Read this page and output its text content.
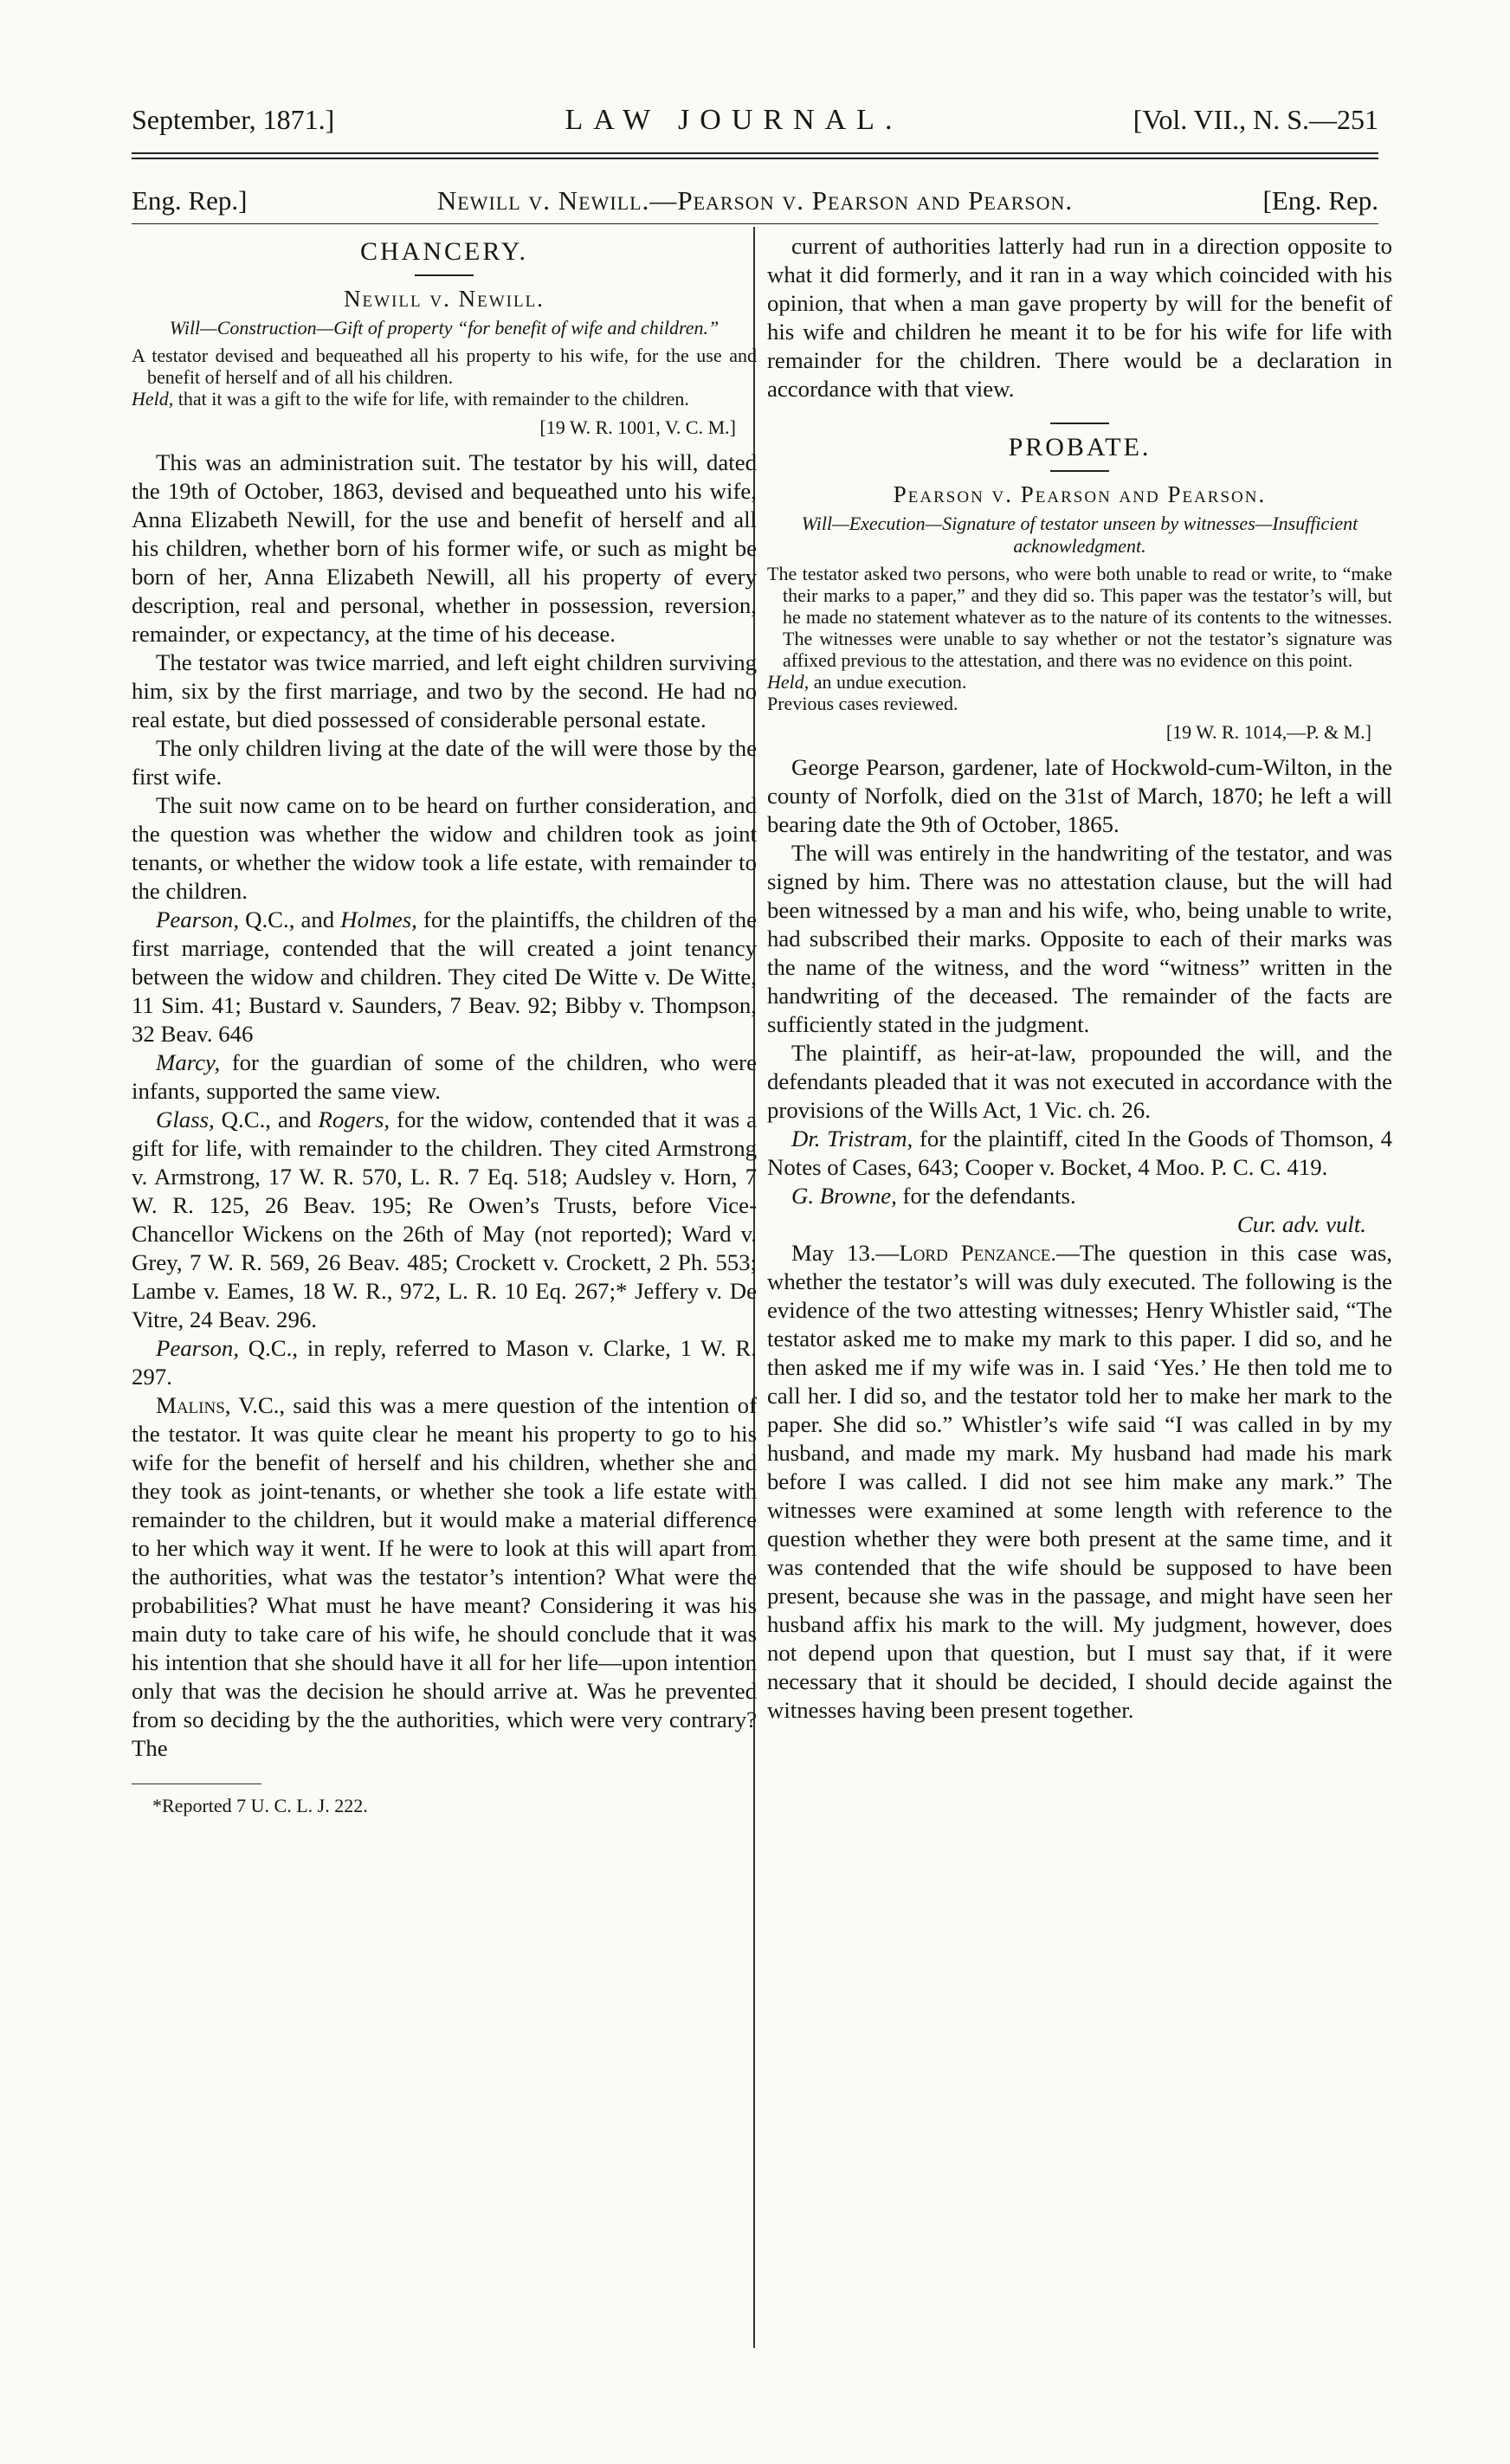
September, 1871.]	LAW JOURNAL.	[Vol. VII., N. S.—251
Eng. Rep.]	Newill v. Newill.—Pearson v. Pearson and Pearson.	[Eng. Rep.
CHANCERY.
Newill v. Newill.
Will—Construction—Gift of property “for benefit of wife and children.”

A testator devised and bequeathed all his property to his wife, for the use and benefit of herself and of all his children.

Held, that it was a gift to the wife for life, with remainder to the children.

[19 W. R. 1001, V. C. M.]

This was an administration suit. The testator by his will, dated the 19th of October, 1863, devised and bequeathed unto his wife, Anna Elizabeth Newill, for the use and benefit of herself and all his children, whether born of his former wife, or such as might be born of her, Anna Elizabeth Newill, all his property of every description, real and personal, whether in possession, reversion, remainder, or expectancy, at the time of his decease.

The testator was twice married, and left eight children surviving him, six by the first marriage, and two by the second. He had no real estate, but died possessed of considerable personal estate.

The only children living at the date of the will were those by the first wife.

The suit now came on to be heard on further consideration, and the question was whether the widow and children took as joint tenants, or whether the widow took a life estate, with remainder to the children.

Pearson, Q.C., and Holmes, for the plaintiffs, the children of the first marriage, contended that the will created a joint tenancy between the widow and children. They cited De Witte v. De Witte, 11 Sim. 41; Bustard v. Saunders, 7 Beav. 92; Bibby v. Thompson, 32 Beav. 646

Marcy, for the guardian of some of the children, who were infants, supported the same view.

Glass, Q.C., and Rogers, for the widow, contended that it was a gift for life, with remainder to the children. They cited Armstrong v. Armstrong, 17 W. R. 570, L. R. 7 Eq. 518; Audsley v. Horn, 7 W. R. 125, 26 Beav. 195; Re Owen’s Trusts, before Vice-Chancellor Wickens on the 26th of May (not reported); Ward v. Grey, 7 W. R. 569, 26 Beav. 485; Crockett v. Crockett, 2 Ph. 553; Lambe v. Eames, 18 W. R., 972, L. R. 10 Eq. 267;* Jeffery v. De Vitre, 24 Beav. 296.

Pearson, Q.C., in reply, referred to Mason v. Clarke, 1 W. R. 297.

Malins, V.C., said this was a mere question of the intention of the testator. It was quite clear he meant his property to go to his wife for the benefit of herself and his children, whether she and they took as joint-tenants, or whether she took a life estate with remainder to the children, but it would make a material difference to her which way it went. If he were to look at this will apart from the authorities, what was the testator’s intention? What were the probabilities? What must he have meant? Considering it was his main duty to take care of his wife, he should conclude that it was his intention that she should have it all for her life—upon intention only that was the decision he should arrive at. Was he prevented from so deciding by the the authorities, which were very contrary? The

*Reported 7 U. C. L. J. 222.

current of authorities latterly had run in a direction opposite to what it did formerly, and it ran in a way which coincided with his opinion, that when a man gave property by will for the benefit of his wife and children he meant it to be for his wife for life with remainder for the children. There would be a declaration in accordance with that view.

PROBATE.
Pearson v. Pearson and Pearson.
Will—Execution—Signature of testator unseen by witnesses—Insufficient acknowledgment.

The testator asked two persons, who were both unable to read or write, to “make their marks to a paper,” and they did so. This paper was the testator’s will, but he made no statement whatever as to the nature of its contents to the witnesses. The witnesses were unable to say whether or not the testator’s signature was affixed previous to the attestation, and there was no evidence on this point.

Held, an undue execution.

Previous cases reviewed.

[19 W. R. 1014,—P. & M.]

George Pearson, gardener, late of Hockwold-cum-Wilton, in the county of Norfolk, died on the 31st of March, 1870; he left a will bearing date the 9th of October, 1865.

The will was entirely in the handwriting of the testator, and was signed by him. There was no attestation clause, but the will had been witnessed by a man and his wife, who, being unable to write, had subscribed their marks. Opposite to each of their marks was the name of the witness, and the word “witness” written in the handwriting of the deceased. The remainder of the facts are sufficiently stated in the judgment.

The plaintiff, as heir-at-law, propounded the will, and the defendants pleaded that it was not executed in accordance with the provisions of the Wills Act, 1 Vic. ch. 26.

Dr. Tristram, for the plaintiff, cited In the Goods of Thomson, 4 Notes of Cases, 643; Cooper v. Bocket, 4 Moo. P. C. C. 419.

G. Browne, for the defendants.

Cur. adv. vult.

May 13.—Lord Penzance.—The question in this case was, whether the testator’s will was duly executed. The following is the evidence of the two attesting witnesses; Henry Whistler said, “The testator asked me to make my mark to this paper. I did so, and he then asked me if my wife was in. I said ‘Yes.’ He then told me to call her. I did so, and the testator told her to make her mark to the paper. She did so.” Whistler’s wife said “I was called in by my husband, and made my mark. My husband had made his mark before I was called. I did not see him make any mark.” The witnesses were examined at some length with reference to the question whether they were both present at the same time, and it was contended that the wife should be supposed to have been present, because she was in the passage, and might have seen her husband affix his mark to the will. My judgment, however, does not depend upon that question, but I must say that, if it were necessary that it should be decided, I should decide against the witnesses having been present together.
